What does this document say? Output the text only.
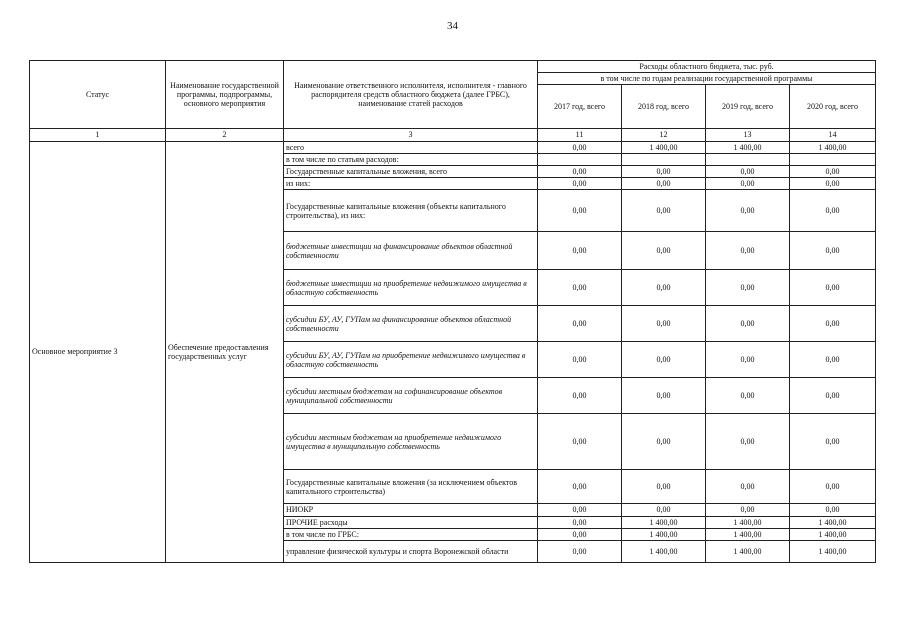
34
Статус	Наименование государственной программы, подпрограммы, основного мероприятия	Наименование ответственного исполнителя, исполнителя - главного распорядителя средств областного бюджета (далее ГРБС), наименование статей расходов	Расходы областного бюджета, тыс. руб.			
			в том числе по годам реализации государственной программы			
			2017 год, всего	2018 год, всего	2019 год, всего	2020 год, всего
1	2	3	11	12	13	14
Основное мероприятие 3	Обеспечение предоставления государственных услуг	всего	0,00	1 400,00	1 400,00	1 400,00
		в том числе по статьям расходов:				
		Государственные капитальные вложения, всего	0,00	0,00	0,00	0,00
		из них:	0,00	0,00	0,00	0,00
		Государственные капитальные вложения (объекты капитального строительства), из них:	0,00	0,00	0,00	0,00
		бюджетные инвестиции на финансирование объектов областной собственности	0,00	0,00	0,00	0,00
		бюджетные инвестиции на приобретение недвижимого имущества в областную собственность	0,00	0,00	0,00	0,00
		субсидии БУ, АУ, ГУПам на финансирование объектов областной собственности	0,00	0,00	0,00	0,00
		субсидии БУ, АУ, ГУПам на приобретение недвижимого имущества в областную собственность	0,00	0,00	0,00	0,00
		субсидии местным бюджетам на софинансирование объектов муниципальной собственности	0,00	0,00	0,00	0,00
		субсидии местным бюджетам на приобретение недвижимого имущества в муниципальную собственность	0,00	0,00	0,00	0,00
		Государственные капитальные вложения (за исключением объектов капитального строительства)	0,00	0,00	0,00	0,00
		НИОКР	0,00	0,00	0,00	0,00
		ПРОЧИЕ расходы	0,00	1 400,00	1 400,00	1 400,00
		в том числе по ГРБС:	0,00	1 400,00	1 400,00	1 400,00
		управление физической культуры и спорта Воронежской области	0,00	1 400,00	1 400,00	1 400,00
